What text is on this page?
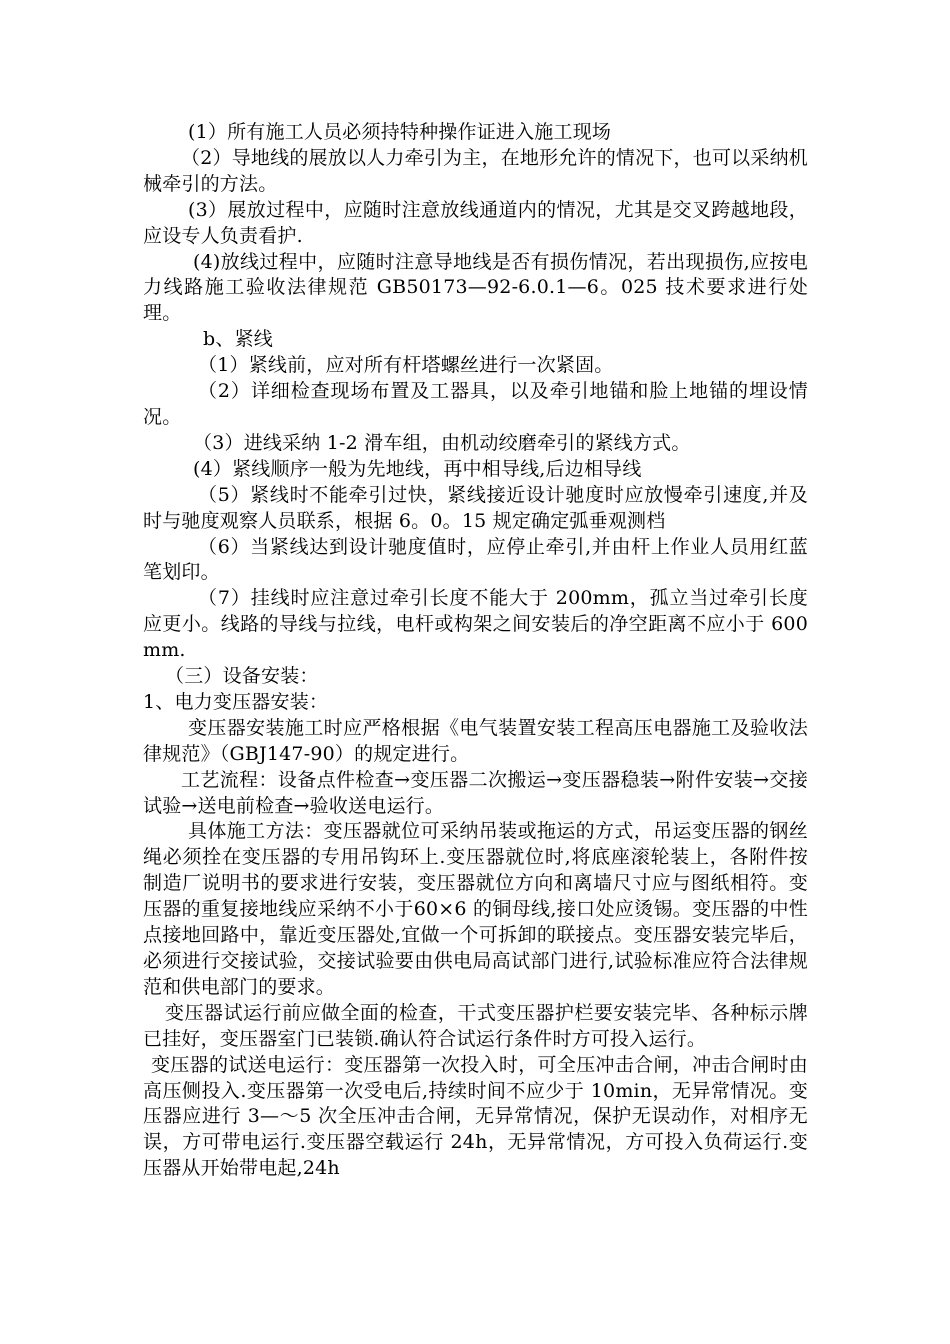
(1）所有施工人员必须持特种操作证进入施工现场

（2）导地线的展放以人力牵引为主，在地形允许的情况下，也可以采纳机械牵引的方法。

(3）展放过程中，应随时注意放线通道内的情况，尤其是交叉跨越地段，应设专人负责看护.

(4)放线过程中，应随时注意导地线是否有损伤情况，若出现损伤,应按电力线路施工验收法律规范 GB50173—92-6.0.1—6。025 技术要求进行处理。

b、紧线

（1）紧线前，应对所有杆塔螺丝进行一次紧固。

（2）详细检查现场布置及工器具，以及牵引地锚和脸上地锚的埋设情况。

（3）进线采纳 1-2 滑车组，由机动绞磨牵引的紧线方式。

(4）紧线顺序一般为先地线，再中相导线,后边相导线

（5）紧线时不能牵引过快，紧线接近设计驰度时应放慢牵引速度,并及时与驰度观察人员联系，根据 6。0。15 规定确定弧垂观测档

（6）当紧线达到设计驰度值时，应停止牵引,并由杆上作业人员用红蓝笔划印。

（7）挂线时应注意过牵引长度不能大于 200mm，孤立当过牵引长度应更小。线路的导线与拉线，电杆或构架之间安装后的净空距离不应小于 600mm.

（三）设备安装：

1、电力变压器安装：

变压器安装施工时应严格根据《电气装置安装工程高压电器施工及验收法律规范》（GBJ147-90）的规定进行。

工艺流程：设备点件检查→变压器二次搬运→变压器稳装→附件安装→交接试验→送电前检查→验收送电运行。

具体施工方法：变压器就位可采纳吊装或拖运的方式，吊运变压器的钢丝绳必须拴在变压器的专用吊钩环上.变压器就位时,将底座滚轮装上，各附件按制造厂说明书的要求进行安装，变压器就位方向和离墙尺寸应与图纸相符。变压器的重复接地线应采纳不小于60×6 的铜母线,接口处应烫锡。变压器的中性点接地回路中，靠近变压器处,宜做一个可拆卸的联接点。变压器安装完毕后，必须进行交接试验，交接试验要由供电局高试部门进行,试验标准应符合法律规范和供电部门的要求。

变压器试运行前应做全面的检查，干式变压器护栏要安装完毕、各种标示牌已挂好，变压器室门已装锁.确认符合试运行条件时方可投入运行。

变压器的试送电运行：变压器第一次投入时，可全压冲击合闸，冲击合闸时由高压侧投入.变压器第一次受电后,持续时间不应少于 10min，无异常情况。变压器应进行 3—～5 次全压冲击合闸，无异常情况，保护无误动作，对相序无误，方可带电运行.变压器空载运行 24h，无异常情况，方可投入负荷运行.变压器从开始带电起,24h
